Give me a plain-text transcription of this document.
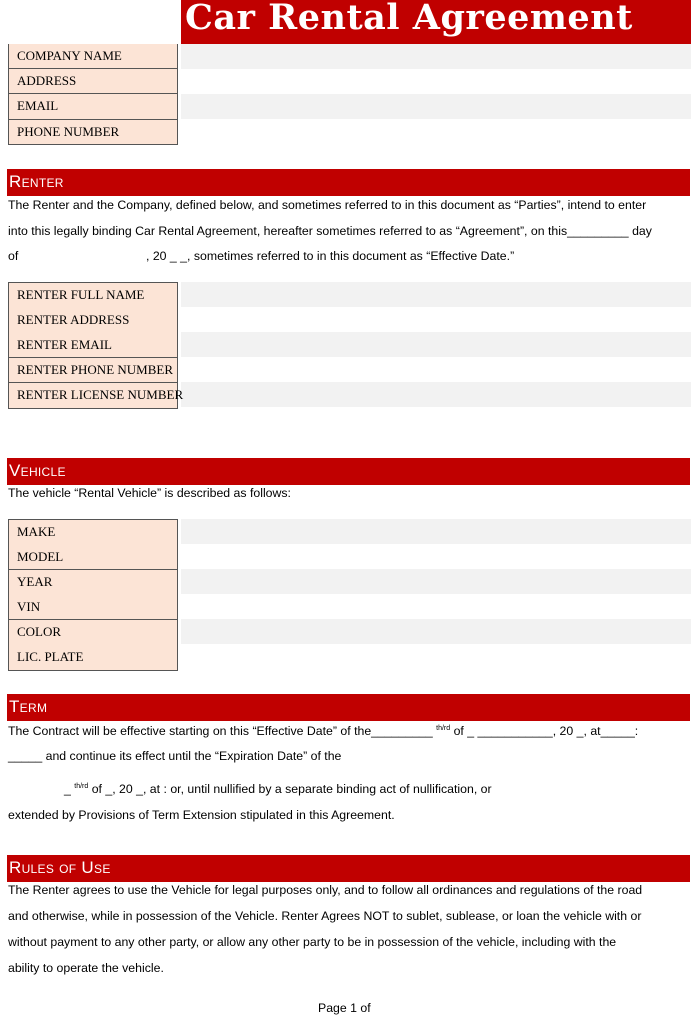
Car Rental Agreement
COMPANY NAME
ADDRESS
EMAIL
PHONE NUMBER
Renter
The Renter and the Company, defined below, and sometimes referred to in this document as “Parties”, intend to enter
into this legally binding Car Rental Agreement, hereafter sometimes referred to as “Agreement”, on this_________ day
of	, 20 _ _, sometimes referred to in this document as “Effective Date.”
RENTER FULL NAME
RENTER ADDRESS
RENTER EMAIL
RENTER PHONE NUMBER
RENTER LICENSE NUMBER
Vehicle
The vehicle “Rental Vehicle” is described as follows:
MAKE
MODEL
YEAR
VIN
COLOR
LIC. PLATE
Term
The Contract will be effective starting on this “Effective Date” of the_________ $^{th/rd}$ of _ ___________, 20 _, at_____:
_____ and continue its effect until the “Expiration Date” of the
_ $^{th/rd}$ of _, 20 _, at : or, until nullified by a separate binding act of nullification, or
extended by Provisions of Term Extension stipulated in this Agreement.
Rules of Use
The Renter agrees to use the Vehicle for legal purposes only, and to follow all ordinances and regulations of the road
and otherwise, while in possession of the Vehicle. Renter Agrees NOT to sublet, sublease, or loan the vehicle with or
without payment to any other party, or allow any other party to be in possession of the vehicle, including with the
ability to operate the vehicle.
Page 1 of
